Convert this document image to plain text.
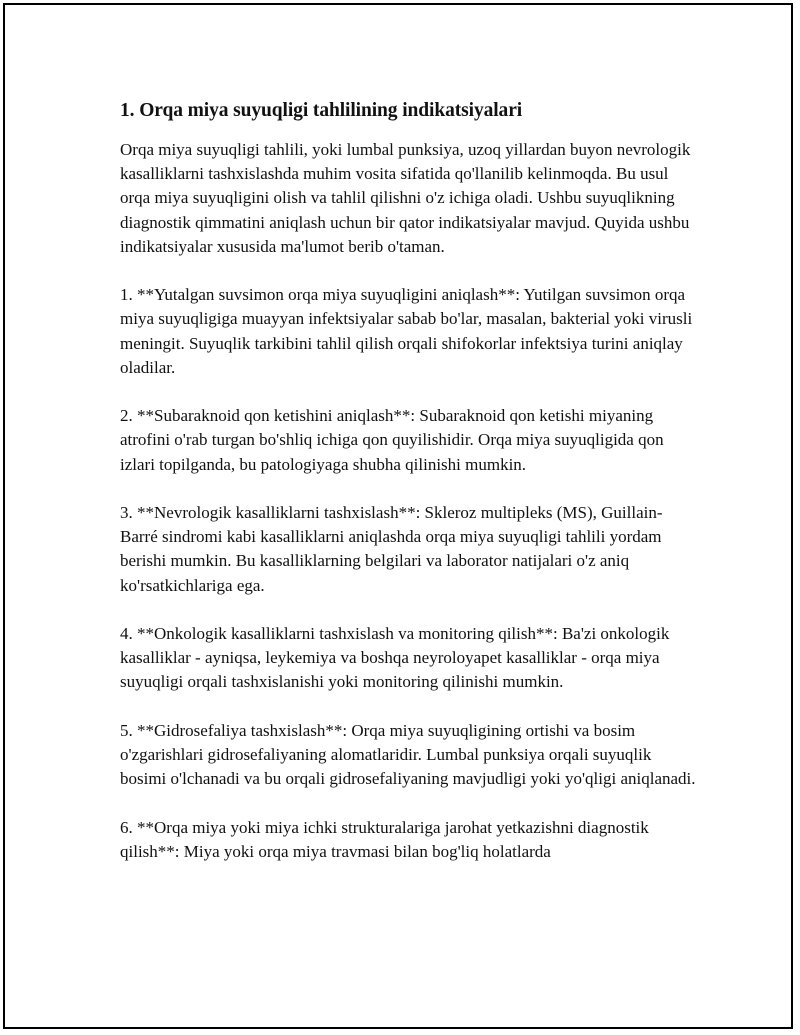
1. Orqa miya suyuqligi tahlilining indikatsiyalari

Orqa miya suyuqligi tahlili, yoki lumbal punksiya, uzoq yillardan buyon nevrologik kasalliklarni tashxislashda muhim vosita sifatida qo'llanilib kelinmoqda. Bu usul orqa miya suyuqligini olish va tahlil qilishni o'z ichiga oladi. Ushbu suyuqlikning diagnostik qimmatini aniqlash uchun bir qator indikatsiyalar mavjud. Quyida ushbu indikatsiyalar xususida ma'lumot berib o'taman.

1. **Yutalgan suvsimon orqa miya suyuqligini aniqlash**: Yutilgan suvsimon orqa miya suyuqligiga muayyan infektsiyalar sabab bo'lar, masalan, bakterial yoki virusli meningit. Suyuqlik tarkibini tahlil qilish orqali shifokorlar infektsiya turini aniqlay oladilar.

2. **Subaraknoid qon ketishini aniqlash**: Subaraknoid qon ketishi miyaning atrofini o'rab turgan bo'shliq ichiga qon quyilishidir. Orqa miya suyuqligida qon izlari topilganda, bu patologiyaga shubha qilinishi mumkin.

3. **Nevrologik kasalliklarni tashxislash**: Skleroz multipleks (MS), Guillain-Barré sindromi kabi kasalliklarni aniqlashda orqa miya suyuqligi tahlili yordam berishi mumkin. Bu kasalliklarning belgilari va laborator natijalari o'z aniq ko'rsatkichlariga ega.

4. **Onkologik kasalliklarni tashxislash va monitoring qilish**: Ba'zi onkologik kasalliklar - ayniqsa, leykemiya va boshqa neyroloyapet kasalliklar - orqa miya suyuqligi orqali tashxislanishi yoki monitoring qilinishi mumkin.

5. **Gidrosefaliya tashxislash**: Orqa miya suyuqligining ortishi va bosim o'zgarishlari gidrosefaliyaning alomatlaridir. Lumbal punksiya orqali suyuqlik bosimi o'lchanadi va bu orqali gidrosefaliyaning mavjudligi yoki yo'qligi aniqlanadi.

6. **Orqa miya yoki miya ichki strukturalariga jarohat yetkazishni diagnostik qilish**: Miya yoki orqa miya travmasi bilan bog'liq holatlarda
